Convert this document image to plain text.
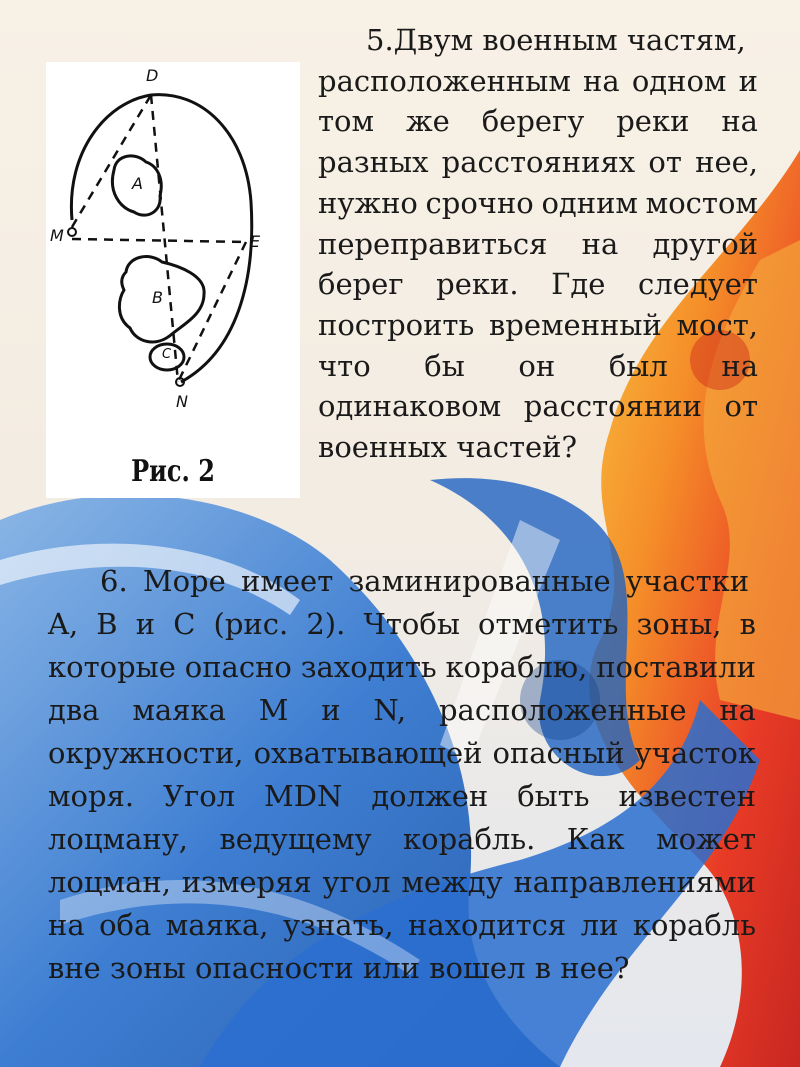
D
M	E
N
A
B
C
Рис. 2
5.Двум военным частям,
расположенным на одном и
том же берегу реки на
разных расстояниях от нее,
нужно срочно одним мостом
переправиться на другой
берег реки. Где следует
построить временный мост,
что бы он был на
одинаковом расстоянии от
военных частей?
6. Море имеет заминированные участки
A, B и C (рис. 2). Чтобы отметить зоны, в
которые опасно заходить кораблю, поставили
два маяка M и N, расположенные на
окружности, охватывающей опасный участок
моря. Угол MDN должен быть известен
лоцману, ведущему корабль. Как может
лоцман, измеряя угол между направлениями
на оба маяка, узнать, находится ли корабль
вне зоны опасности или вошел в нее?
